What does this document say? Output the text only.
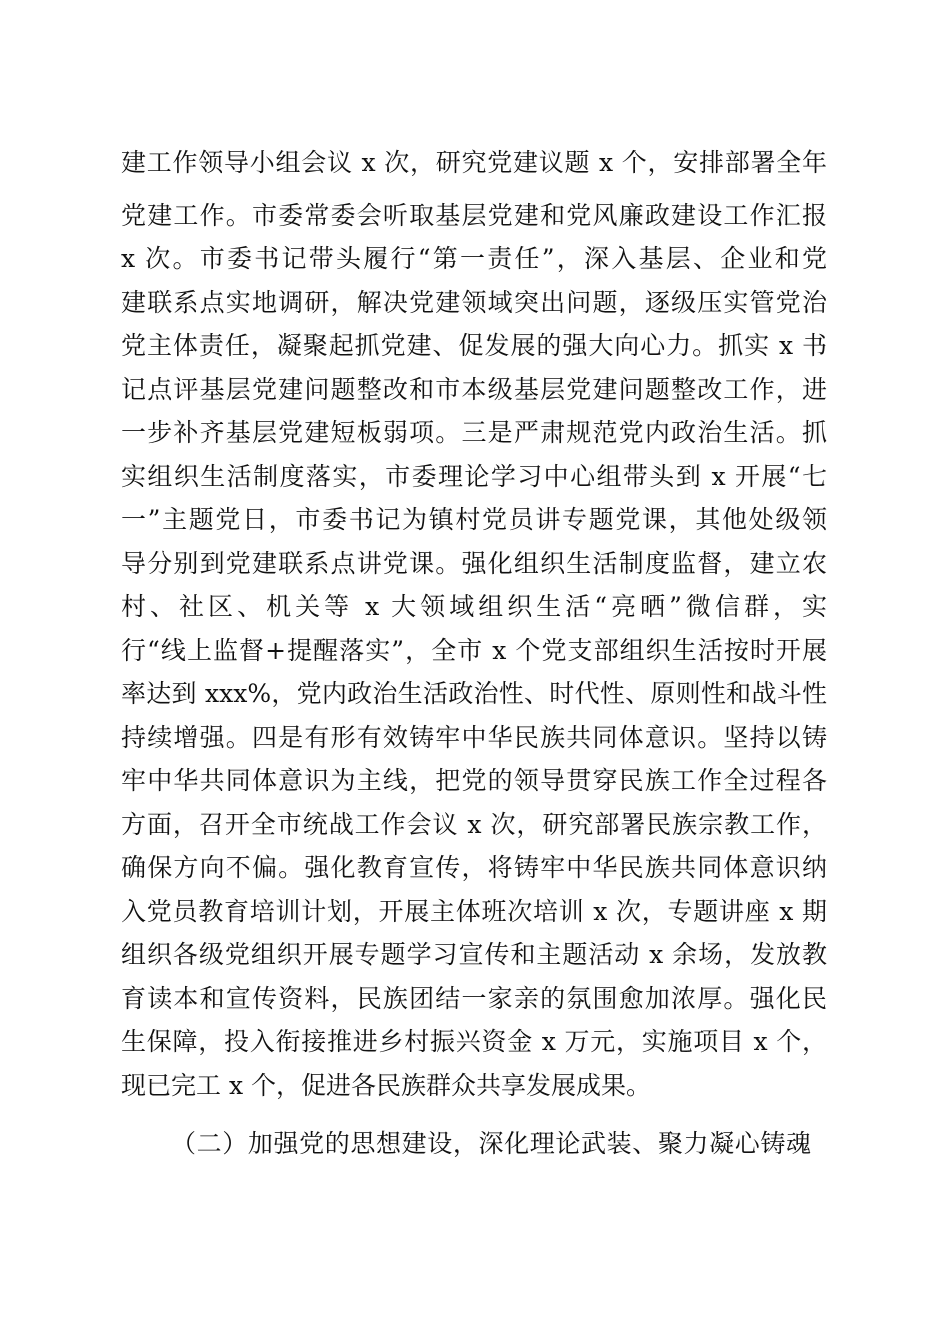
建工作领导小组会议 x 次，研究党建议题 x 个，安排部署全年
党建工作。市委常委会听取基层党建和党风廉政建设工作汇报
x 次。市委书记带头履行“第一责任”，深入基层、企业和党
建联系点实地调研，解决党建领域突出问题，逐级压实管党治
党主体责任，凝聚起抓党建、促发展的强大向心力。抓实 x 书
记点评基层党建问题整改和市本级基层党建问题整改工作，进
一步补齐基层党建短板弱项。三是严肃规范党内政治生活。抓
实组织生活制度落实，市委理论学习中心组带头到 x 开展“七
一”主题党日，市委书记为镇村党员讲专题党课，其他处级领
导分别到党建联系点讲党课。强化组织生活制度监督，建立农
村、社区、机关等 x 大领域组织生活“亮晒”微信群，实
行“线上监督+提醒落实”，全市 x 个党支部组织生活按时开展
率达到 xxx%，党内政治生活政治性、时代性、原则性和战斗性
持续增强。四是有形有效铸牢中华民族共同体意识。坚持以铸
牢中华共同体意识为主线，把党的领导贯穿民族工作全过程各
方面，召开全市统战工作会议 x 次，研究部署民族宗教工作，
确保方向不偏。强化教育宣传，将铸牢中华民族共同体意识纳
入党员教育培训计划，开展主体班次培训 x 次，专题讲座 x 期
组织各级党组织开展专题学习宣传和主题活动 x 余场，发放教
育读本和宣传资料，民族团结一家亲的氛围愈加浓厚。强化民
生保障，投入衔接推进乡村振兴资金 x 万元，实施项目 x 个，
现已完工 x 个，促进各民族群众共享发展成果。
（二）加强党的思想建设，深化理论武装、聚力凝心铸魂
